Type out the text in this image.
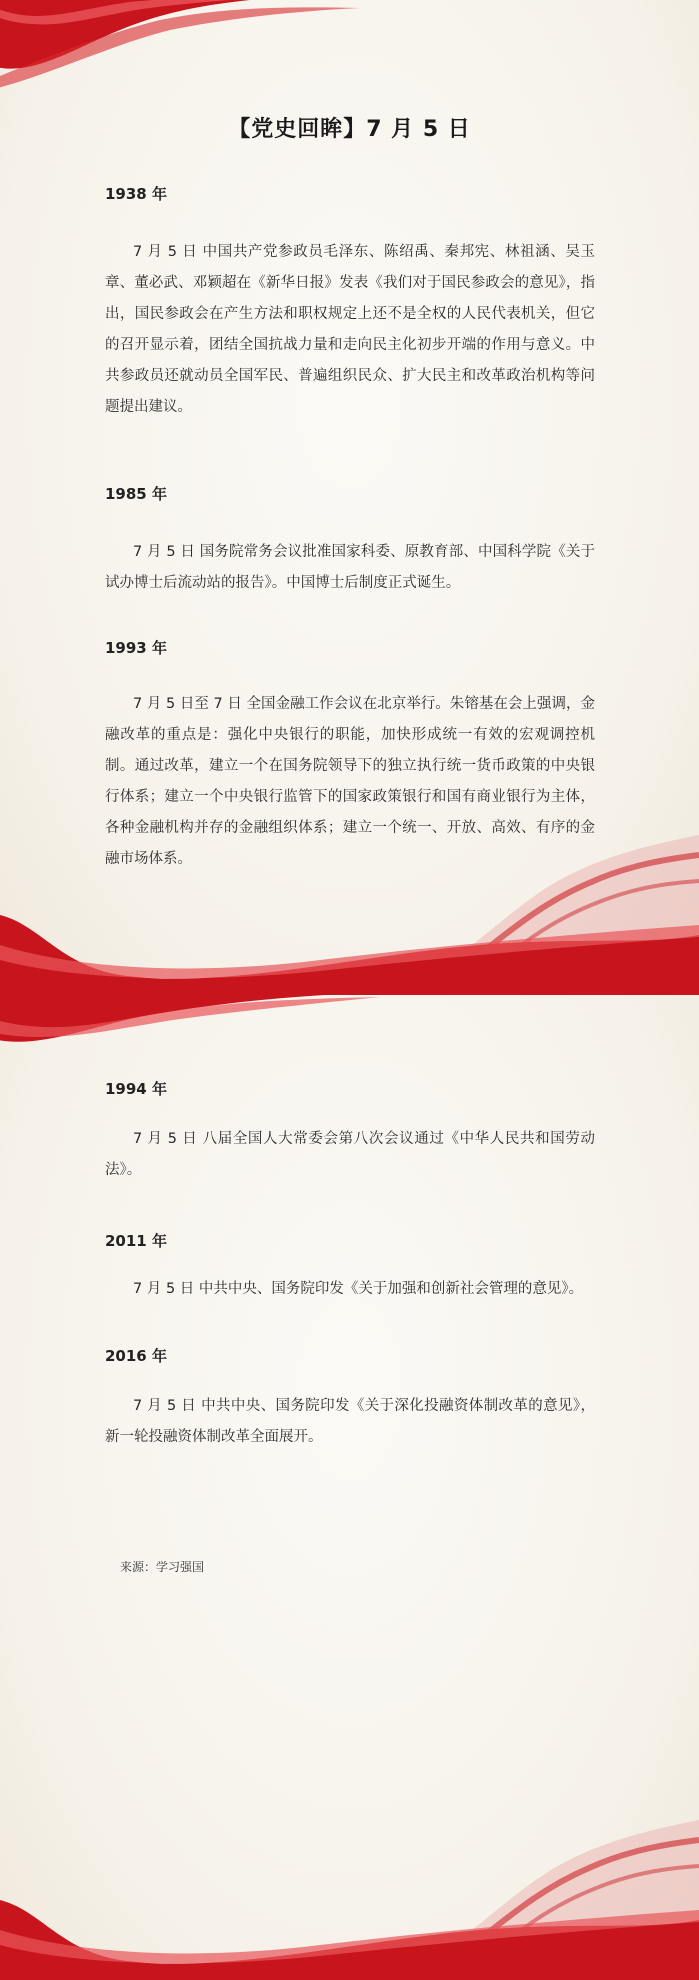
【党史回眸】7 月 5 日

1938 年

7 月 5 日 中国共产党参政员毛泽东、陈绍禹、秦邦宪、林祖涵、吴玉章、董必武、邓颖超在《新华日报》发表《我们对于国民参政会的意见》，指出，国民参政会在产生方法和职权规定上还不是全权的人民代表机关，但它的召开显示着，团结全国抗战力量和走向民主化初步开端的作用与意义。中共参政员还就动员全国军民、普遍组织民众、扩大民主和改革政治机构等问题提出建议。

1985 年

7 月 5 日 国务院常务会议批准国家科委、原教育部、中国科学院《关于试办博士后流动站的报告》。中国博士后制度正式诞生。

1993 年

7 月 5 日至 7 日 全国金融工作会议在北京举行。朱镕基在会上强调，金融改革的重点是：强化中央银行的职能，加快形成统一有效的宏观调控机制。通过改革，建立一个在国务院领导下的独立执行统一货币政策的中央银行体系；建立一个中央银行监管下的国家政策银行和国有商业银行为主体，各种金融机构并存的金融组织体系；建立一个统一、开放、高效、有序的金融市场体系。

1994 年

7 月 5 日 八届全国人大常委会第八次会议通过《中华人民共和国劳动法》。

2011 年

7 月 5 日 中共中央、国务院印发《关于加强和创新社会管理的意见》。

2016 年

7 月 5 日 中共中央、国务院印发《关于深化投融资体制改革的意见》，新一轮投融资体制改革全面展开。

来源：学习强国
